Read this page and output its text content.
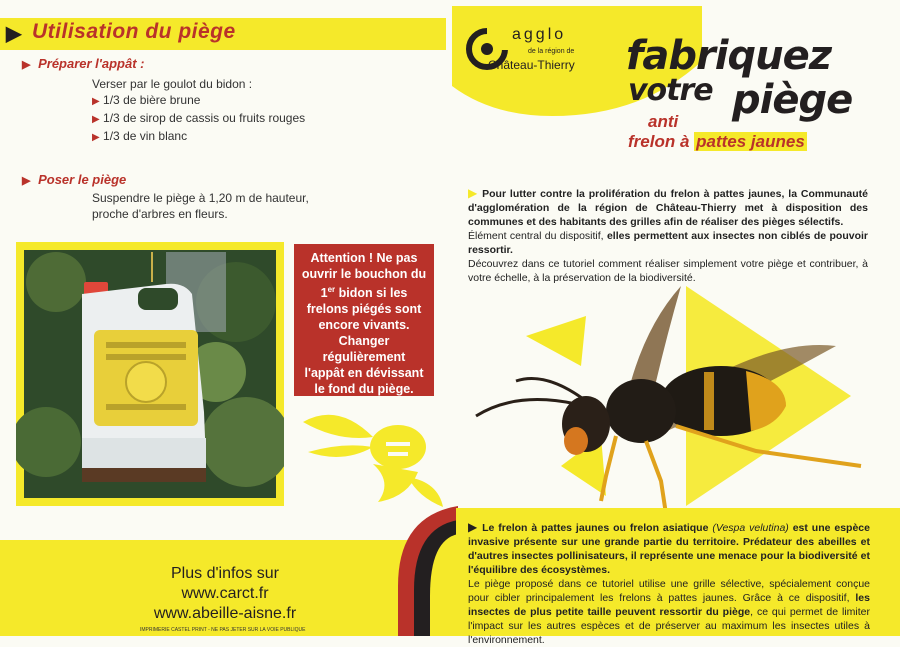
▶ Utilisation du piège
▶ Préparer l'appât :
Verser par le goulot du bidon :
▶ 1/3 de bière brune
▶ 1/3 de sirop de cassis ou fruits rouges
▶ 1/3 de vin blanc
▶ Poser le piège
Suspendre le piège à 1,20 m de hauteur,
proche d'arbres en fleurs.
Attention ! Ne pas
ouvrir le bouchon du
1er bidon si les
frelons piégés sont
encore vivants.
Changer
régulièrement
l'appât en dévissant
le fond du piège.
Plus d'infos sur
www.carct.fr
www.abeille-aisne.fr
IMPRIMERIE CASTEL PRINT - NE PAS JETER SUR LA VOIE PUBLIQUE
agglo
de la région de
Château-Thierry fabriquez
votre piège
anti
frelon à pattes jaunes
▶ Pour lutter contre la prolifération du frelon à pattes jaunes, la Communauté d'agglomération de la région de Château-Thierry met à disposition des communes et des habitants des grilles afin de réaliser des pièges sélectifs.
Élément central du dispositif, elles permettent aux insectes non ciblés de pouvoir ressortir.
Découvrez dans ce tutoriel comment réaliser simplement votre piège et contribuer, à votre échelle, à la préservation de la biodiversité.
▶ Le frelon à pattes jaunes ou frelon asiatique (Vespa velutina) est une espèce invasive présente sur une grande partie du territoire. Prédateur des abeilles et d'autres insectes pollinisateurs, il représente une menace pour la biodiversité et l'équilibre des écosystèmes.
Le piège proposé dans ce tutoriel utilise une grille sélective, spécialement conçue pour cibler principalement les frelons à pattes jaunes. Grâce à ce dispositif, les insectes de plus petite taille peuvent ressortir du piège, ce qui permet de limiter l'impact sur les autres espèces et de préserver au maximum les insectes utiles à l'environnement.
